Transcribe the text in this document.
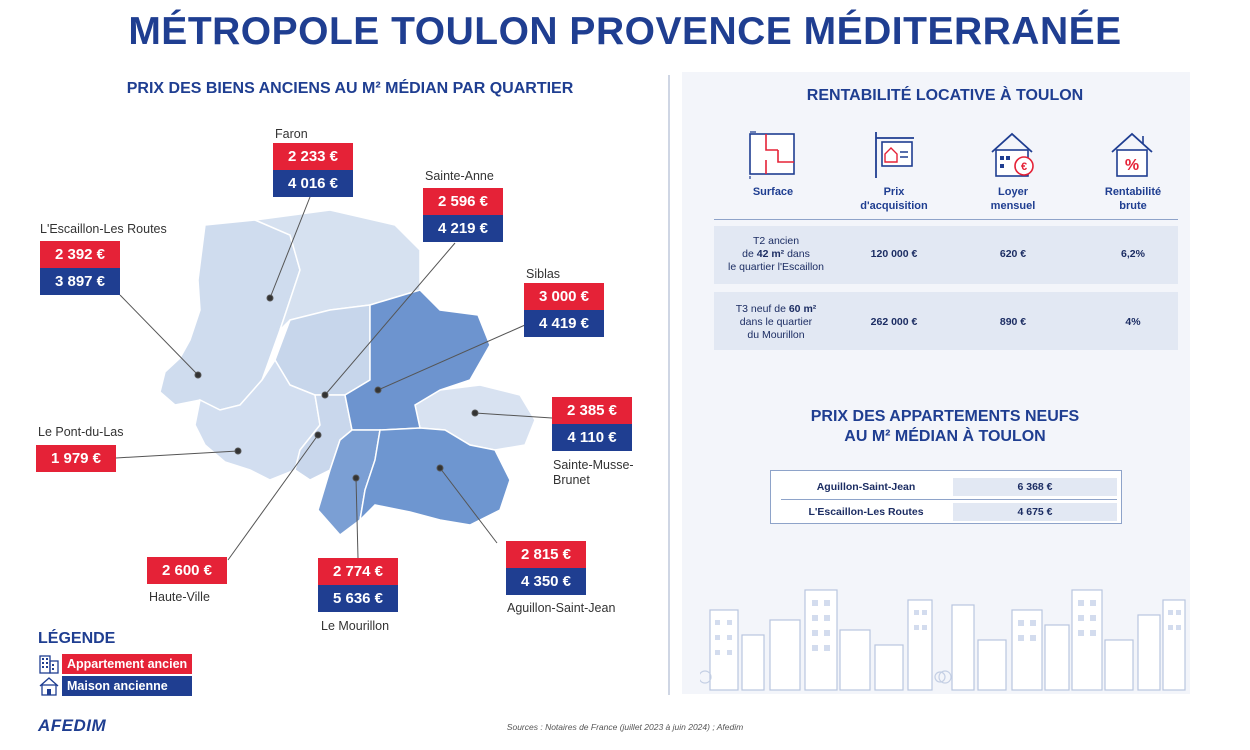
MÉTROPOLE TOULON PROVENCE MÉDITERRANÉE
PRIX DES BIENS ANCIENS AU M² MÉDIAN PAR QUARTIER
Faron
2 233 €
4 016 €	Sainte-Anne
2 596 €
4 219 €
L'Escaillon-Les Routes
2 392 €
3 897 €	Siblas
3 000 €
4 419 €
Le Pont-du-Las
1 979 €
2 385 €
4 110 €
Sainte-Musse-
Brunet
2 600 €
Haute-Ville
2 774 €
5 636 €
Le Mourillon
2 815 €
4 350 €
Aguillon-Saint-Jean
LÉGENDE
Appartement ancien
Maison ancienne
AFEDIM	Sources : Notaires de France (juillet 2023 à juin 2024) ; Afedim
RENTABILITÉ LOCATIVE À TOULON
€	%
Surface	Prix
d'acquisition
Loyer
mensuel
Rentabilité
brute
T2 ancien
de 42 m² dans
le quartier l'Escaillon
120 000 €	620 €	6,2%
T3 neuf de 60 m²
dans le quartier
du Mourillon
262 000 €	890 €	4%
PRIX DES APPARTEMENTS NEUFS
AU M² MÉDIAN À TOULON
Aguillon-Saint-Jean	6 368 €
L'Escaillon-Les Routes	4 675 €
